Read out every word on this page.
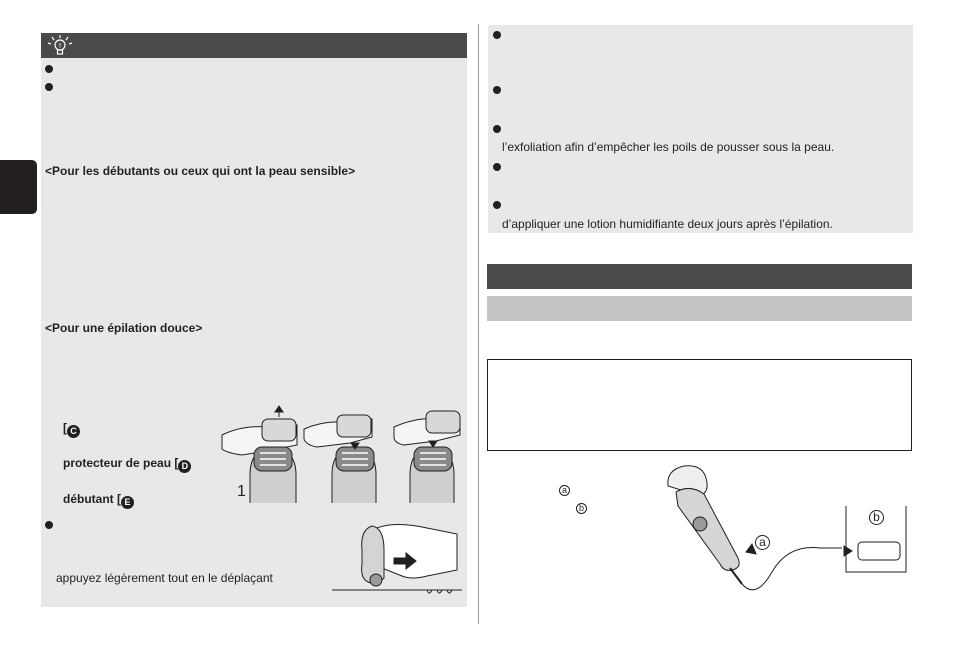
!
<Pour les débutants ou ceux qui ont la peau sensible>
<Pour une épilation douce>
[ C
protecteur de peau [ D
débutant [ E
1
appuyez légèrement tout en le déplaçant
l’exfoliation afin d’empêcher les poils de pousser sous la peau.
d’appliquer une lotion humidifiante deux jours après l’épilation.
a
b
a
b
